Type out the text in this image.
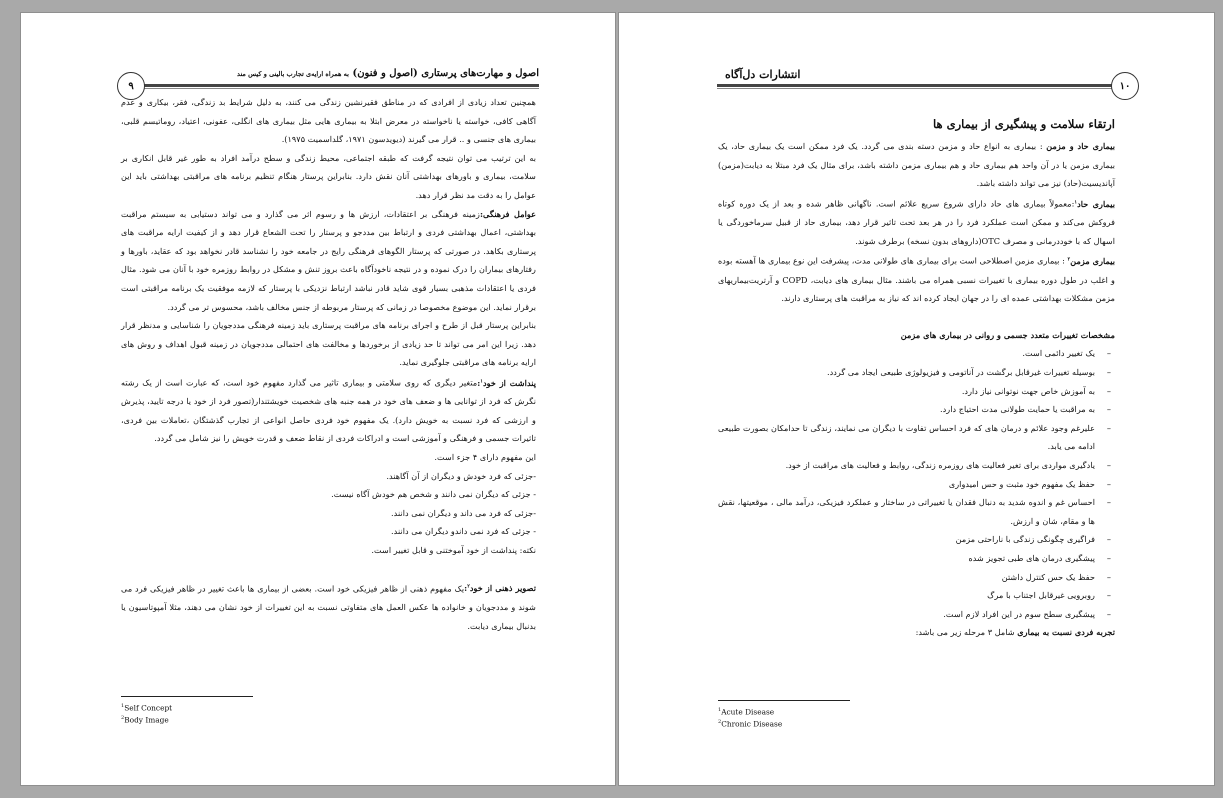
۹
اصول و مهارت‌های پرستاری (اصول و فنون) به همراه ارایه‌ی تجارب بالینی و کیس مند

همچنین تعداد زیادی از افرادی که در مناطق فقیرنشین زندگی می کنند، به دلیل شرایط بد زندگی، فقر، بیکاری و عدم آگاهی کافی، خواسته یا ناخواسته در معرض ابتلا به بیماری هایی مثل بیماری های انگلی، عفونی، اعتیاد، روماتیسم قلبی، بیماری های جنسی و .. قرار می گیرند (دیویدسون ۱۹۷۱، گلداسمیت ۱۹۷۵).

به این ترتیب می توان نتیجه گرفت که طبقه اجتماعی، محیط زندگی و سطح درآمد افراد به طور غیر قابل انکاری بر سلامت، بیماری و باورهای بهداشتی آنان نقش دارد. بنابراین پرستار هنگام تنظیم برنامه های مراقبتی بهداشتی باید این عوامل را به دقت مد نظر قرار دهد.

عوامل فرهنگی:زمینه فرهنگی بر اعتقادات، ارزش ها و رسوم اثر می گذارد و می تواند دستیابی به سیستم مراقبت بهداشتی، اعمال بهداشتی فردی و ارتباط بین مددجو و پرستار را تحت الشعاع قرار دهد و از کیفیت ارایه مراقبت های پرستاری بکاهد. در صورتی که پرستار الگوهای فرهنگی رایج در جامعه خود را نشناسد قادر نخواهد بود که عقاید، باورها و رفتارهای بیماران را درک نموده و در نتیجه ناخودآگاه باعث بروز تنش و مشکل در روابط روزمره خود با آنان می شود. مثال فردی یا اعتقادات مذهبی بسیار قوی شاید قادر نباشد ارتباط نزدیکی با پرستار که لازمه موفقیت یک برنامه مراقبتی است برقرار نماید. این موضوع مخصوصا در زمانی که پرستار مربوطه از جنس مخالف باشد، محسوس تر می گردد.

بنابراین پرستار قبل از طرح و اجرای برنامه های مراقبت پرستاری باید زمینه فرهنگی مددجویان را شناسایی و مدنظر قرار دهد. زیرا این امر می تواند تا حد زیادی از برخوردها و مخالفت های احتمالی مددجویان در زمینه قبول اهداف و روش های ارایه برنامه های مراقبتی جلوگیری نماید.

پنداشت از خود$^۱$:متغیر دیگری که روی سلامتی و بیماری تاثیر می گذارد مفهوم خود است، که عبارت است از یک رشته نگرش که فرد از توانایی ها و ضعف های خود در همه جنبه های شخصیت خویشتندار(تصور فرد از خود یا درجه تایید، پذیرش و ارزشی که فرد نسبت به خویش دارد). یک مفهوم خود فردی حاصل انواعی از تجارب گذشتگان ،تعاملات بین فردی، تاثیرات جسمی و فرهنگی و آموزشی است و ادراکات فردی از نقاط ضعف و قدرت خویش را نیز شامل می گردد.

این مفهوم دارای ۴ جزء است.

-جزئی که فرد خودش و دیگران از آن آگاهند.

- جزئی که دیگران نمی دانند و شخص هم خودش آگاه نیست.

-جزئی که فرد می داند و دیگران نمی دانند.

- جزئی که فرد نمی داندو دیگران می دانند.

نکته: پنداشت از خود آموختنی و قابل تغییر است.

تصویر ذهنی از خود$^۲$:یک مفهوم ذهنی از ظاهر فیزیکی خود است. بعضی از بیماری ها باعث تغییر در ظاهر فیزیکی فرد می شوند و مددجویان و خانواده ها عکس العمل های متفاوتی نسبت به این تغییرات از خود نشان می دهند، مثلا آمپوتاسیون یا بدنبال بیماری دیابت.

$^1$Self Concept
$^2$Body Image
۱۰
انتشارات دل‌آگاه
ارتقاء سلامت و پیشگیری از بیماری ها

بیماری حاد و مزمن : بیماری به انواع حاد و مزمن دسته بندی می گردد. یک فرد ممکن است یک بیماری حاد، یک بیماری مزمن یا در آن واحد هم بیماری حاد و هم بیماری مزمن داشته باشد، برای مثال یک فرد مبتلا به دیابت(مزمن) آپاندیسیت(حاد) نیز می تواند داشته باشد.

بیماری حاد$^۱$:معمولاً بیماری های حاد دارای شروع سریع علائم است. ناگهانی ظاهر شده و بعد از یک دوره کوتاه فروکش می‌کند و ممکن است عملکرد فرد را در هر بعد تحت تاثیر قرار دهد، بیماری حاد از قبیل سرماخوردگی یا اسهال که با خوددرمانی و مصرف OTC(داروهای بدون نسخه) برطرف شوند.

بیماری مزمن$^۲$ : بیماری مزمن اصطلاحی است برای بیماری های طولانی مدت، پیشرفت این نوع بیماری ها آهسته بوده و اغلب در طول دوره بیماری با تغییرات نسبی همراه می باشند. مثال بیماری های دیابت، COPD و آرتریت‌بیماریهای مزمن مشکلات بهداشتی عمده ای را در جهان ایجاد کرده اند که نیاز به مراقبت های پرستاری دارند.

مشخصات تغییرات متعدد جسمی و روانی در بیماری های مزمن

– یک تغییر دائمی است.

– بوسیله تغییرات غیرقابل برگشت در آناتومی و فیزیولوژی طبیعی ایجاد می گردد.

– به آموزش خاص جهت نوتوانی نیاز دارد.

– به مراقبت یا حمایت طولانی مدت احتیاج دارد.

– علیرغم وجود علائم و درمان های که فرد احساس تفاوت با دیگران می نمایند، زندگی تا حدامکان بصورت طبیعی ادامه می یابد.

– یادگیری مواردی برای تغیر فعالیت های روزمره زندگی، روابط و فعالیت های مراقبت از خود.

– حفظ یک مفهوم خود مثبت و حس امیدواری

– احساس غم و اندوه شدید به دنبال فقدان یا تغییراتی در ساختار و عملکرد فیزیکی، درآمد مالی ، موقعیتها، نقش ها و مقام، شان و ارزش.

– فراگیری چگونگی زندگی با ناراحتی مزمن

– پیشگیری درمان های طبی تجویز شده

– حفظ یک حس کنترل داشتن

– روبرویی غیرقابل اجتناب با مرگ

– پیشگیری سطح سوم در این افراد لازم است.

تجربه فردی نسبت به بیماری شامل ۳ مرحله زیر می باشد:

$^1$Acute Disease
$^2$Chronic Disease
